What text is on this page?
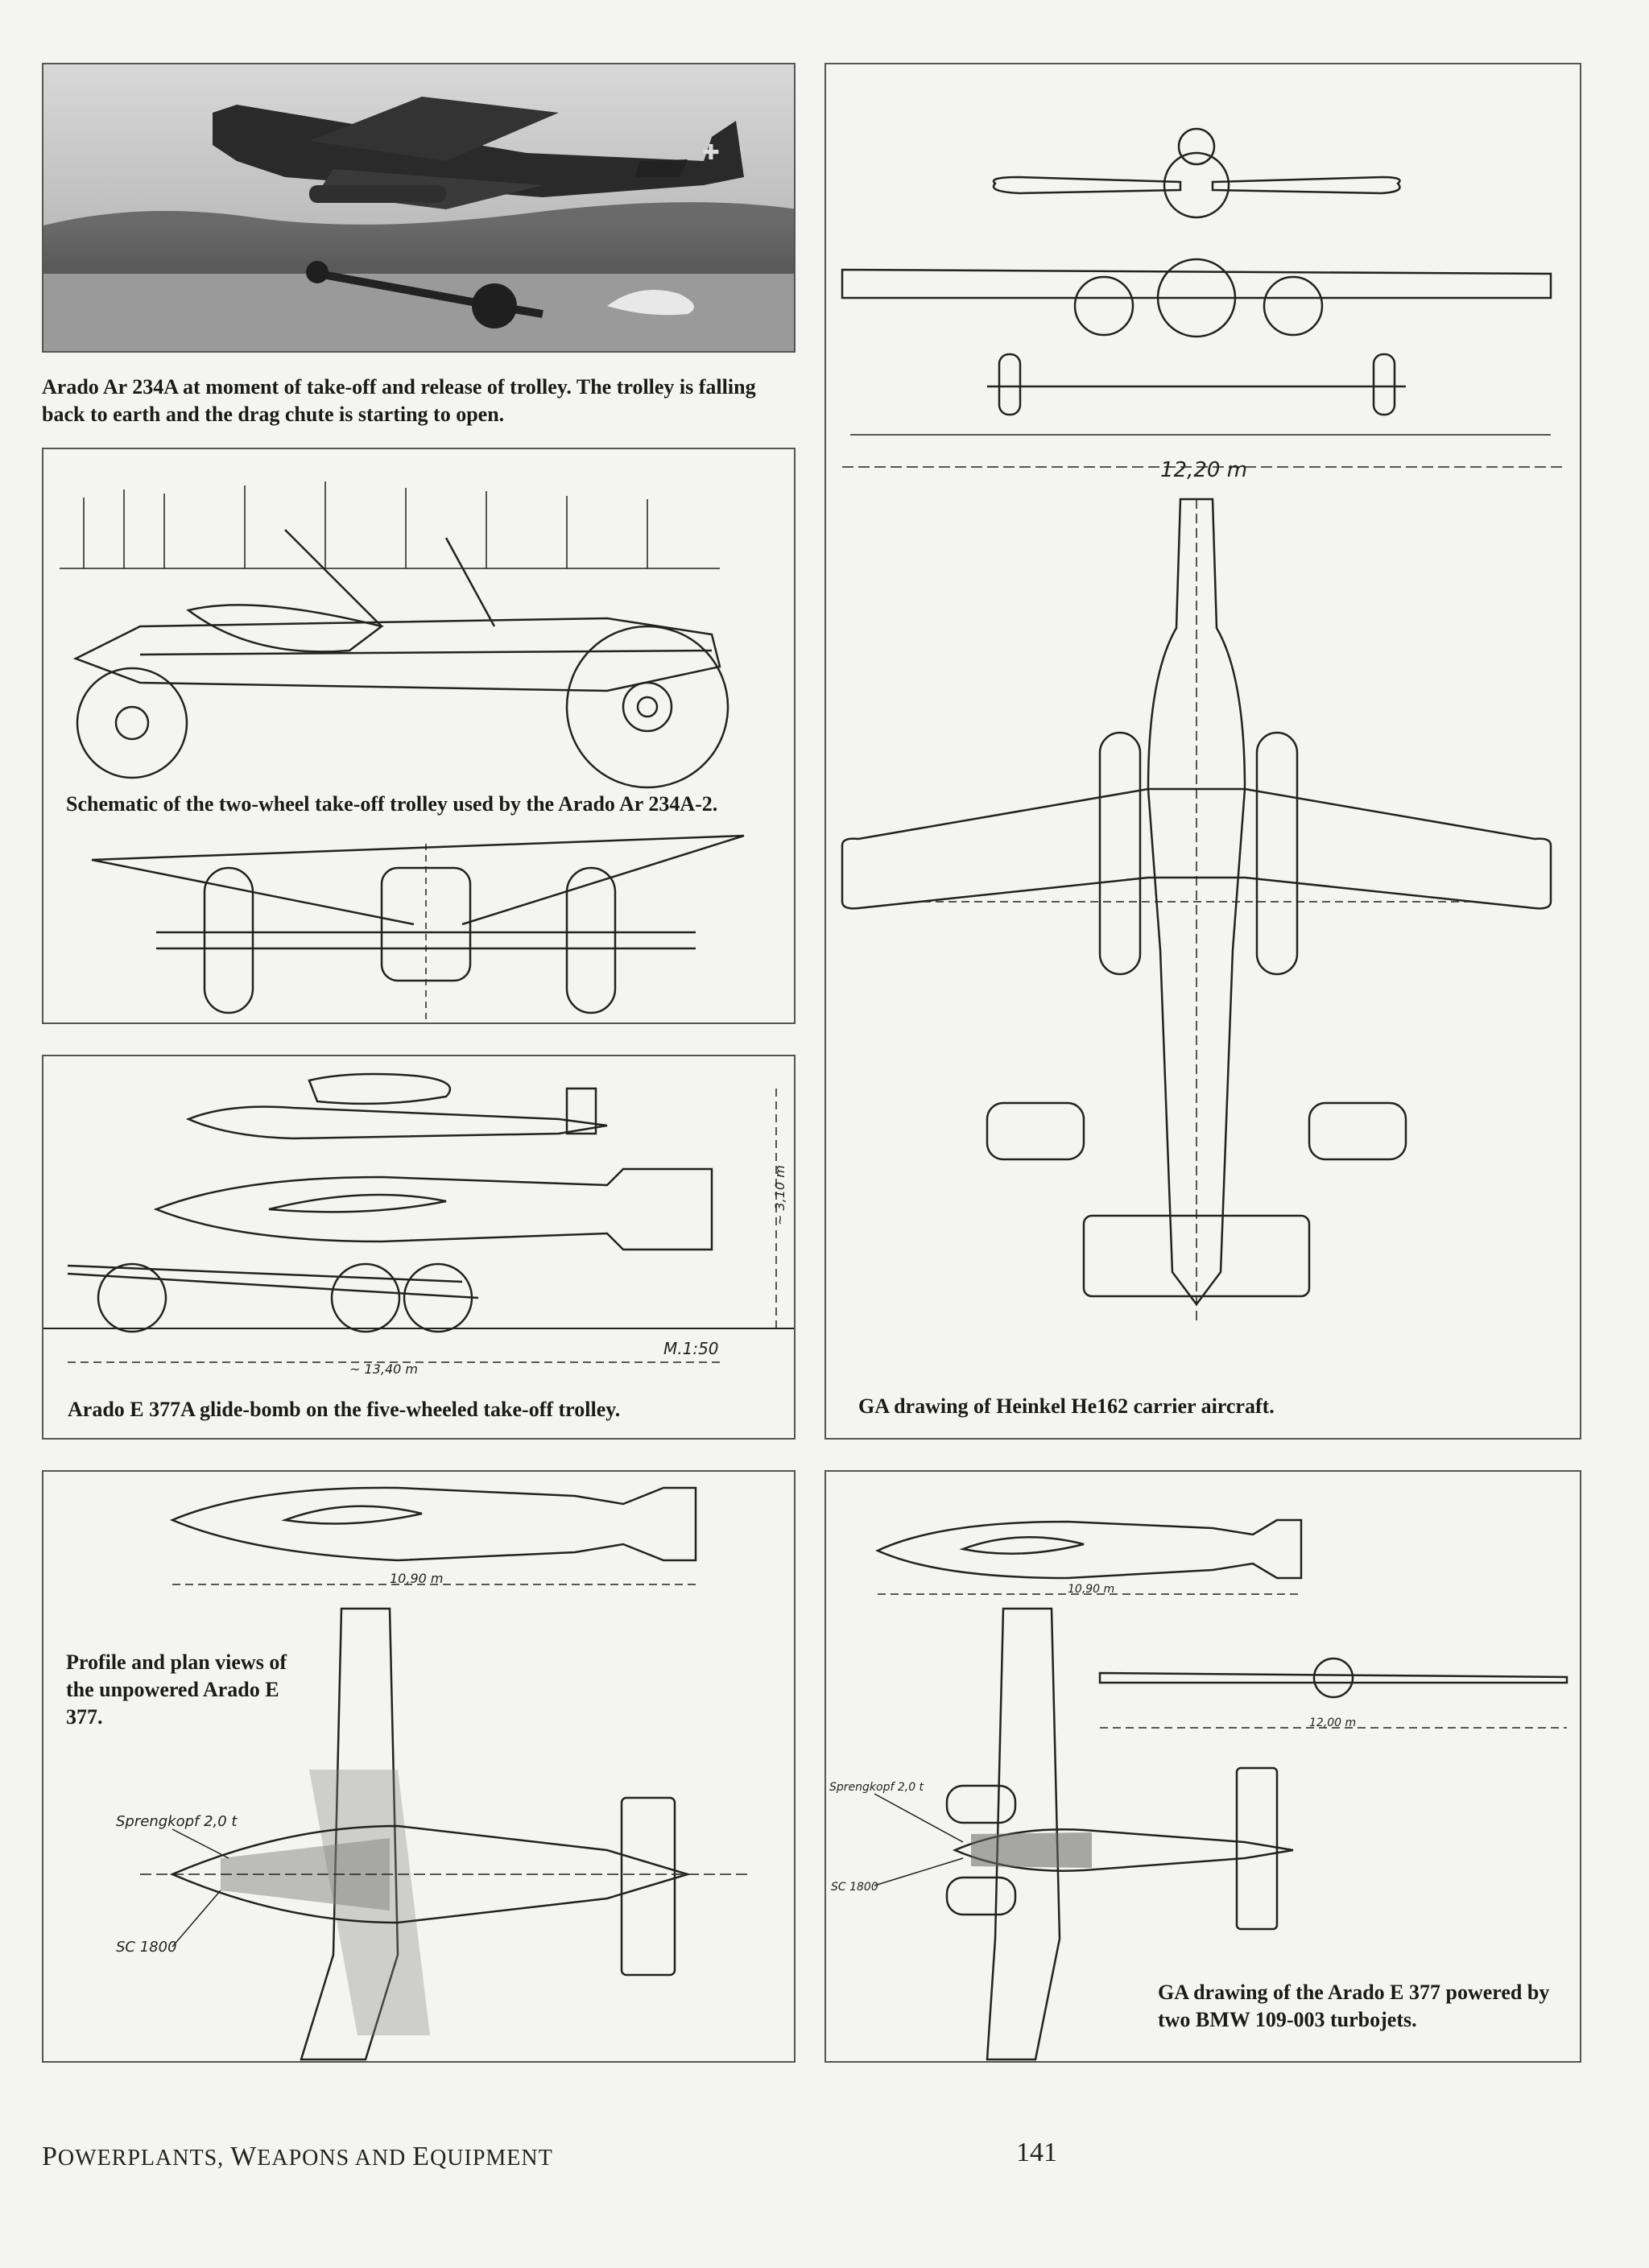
✚
Arado Ar 234A at moment of take-off and release of trolley. The trolley is falling back to earth and the drag chute is starting to open.
Schematic of the two-wheel take-off trolley used by the Arado Ar 234A-2.
M.1:50
~ 13,40 m
~ 3,10 m
Arado E 377A glide-bomb on the five-wheeled take-off trolley.
12,20 m
GA drawing of Heinkel He162 carrier aircraft.
10,90 m
Sprengkopf 2,0 t
SC 1800
Profile and plan views of the unpowered Arado E 377.
10,90 m
12,00 m
Sprengkopf 2,0 t
SC 1800
GA drawing of the Arado E 377 powered by two BMW 109-003 turbojets.
POWERPLANTS, WEAPONS AND EQUIPMENT	141
